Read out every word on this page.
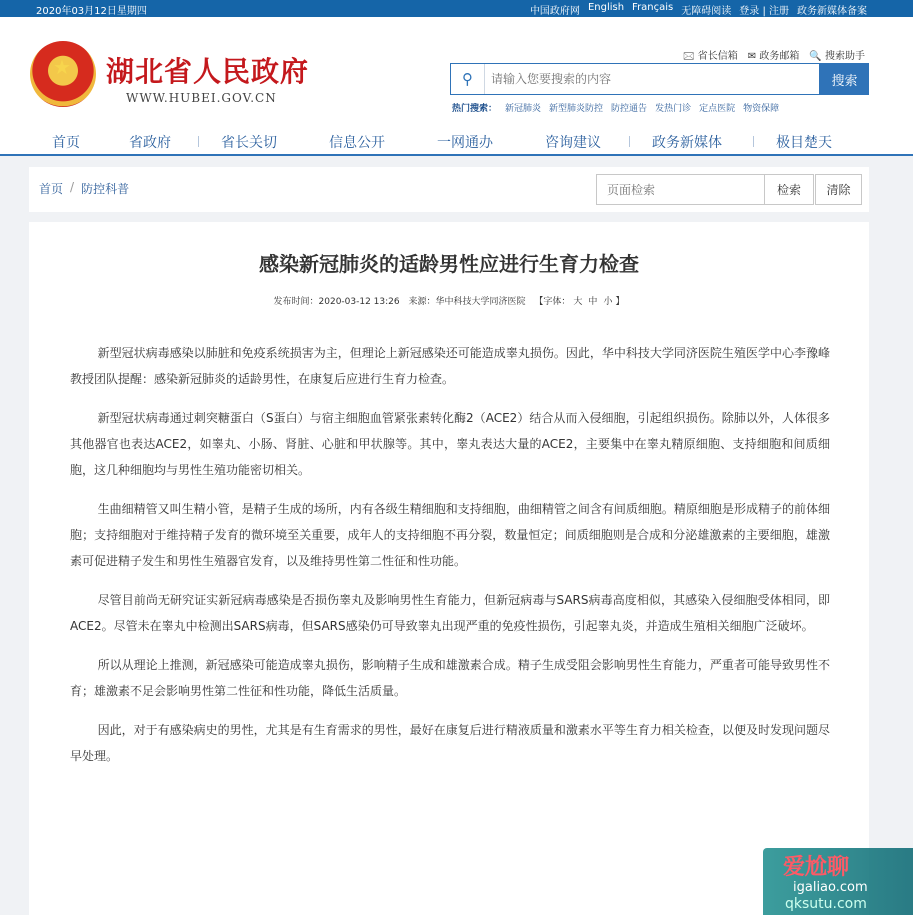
2020年03月12日星期四	中国政府网 English Français 无障碍阅读 登录 | 注册 政务新媒体备案
★ 湖北省人民政府
WWW.HUBEI.GOV.CN
🖂 省长信箱 ✉ 政务邮箱 🔍 搜索助手
⚲
请输入您要搜索的内容	搜索
热门搜索： 新冠肺炎 新型肺炎防控 防控通告 发热门诊 定点医院 物资保障
首页	省政府	省长关切	信息公开	一网通办	咨询建议	政务新媒体	极目楚天
首页 / 防控科普
页面检索	检索	清除
感染新冠肺炎的适龄男性应进行生育力检查
发布时间：2020-03-12 13:26 来源：华中科技大学同济医院 【字体： 大 中 小 】

新型冠状病毒感染以肺脏和免疫系统损害为主，但理论上新冠感染还可能造成睾丸损伤。因此，华中科技大学同济医院生殖医学中心李豫峰教授团队提醒：感染新冠肺炎的适龄男性，在康复后应进行生育力检查。

新型冠状病毒通过刺突糖蛋白（S蛋白）与宿主细胞血管紧张素转化酶2（ACE2）结合从而入侵细胞，引起组织损伤。除肺以外，人体很多其他器官也表达ACE2，如睾丸、小肠、肾脏、心脏和甲状腺等。其中，睾丸表达大量的ACE2，主要集中在睾丸精原细胞、支持细胞和间质细胞，这几种细胞均与男性生殖功能密切相关。

生曲细精管又叫生精小管，是精子生成的场所，内有各级生精细胞和支持细胞，曲细精管之间含有间质细胞。精原细胞是形成精子的前体细胞；支持细胞对于维持精子发育的微环境至关重要，成年人的支持细胞不再分裂，数量恒定；间质细胞则是合成和分泌雄激素的主要细胞，雄激素可促进精子发生和男性生殖器官发育，以及维持男性第二性征和性功能。

尽管目前尚无研究证实新冠病毒感染是否损伤睾丸及影响男性生育能力，但新冠病毒与SARS病毒高度相似，其感染入侵细胞受体相同，即ACE2。尽管未在睾丸中检测出SARS病毒，但SARS感染仍可导致睾丸出现严重的免疫性损伤，引起睾丸炎，并造成生殖相关细胞广泛破坏。

所以从理论上推测，新冠感染可能造成睾丸损伤，影响精子生成和雄激素合成。精子生成受阻会影响男性生育能力，严重者可能导致男性不育；雄激素不足会影响男性第二性征和性功能，降低生活质量。

因此，对于有感染病史的男性，尤其是有生育需求的男性，最好在康复后进行精液质量和激素水平等生育力相关检查，以便及时发现问题尽早处理。

爱尬聊
igaliao.com
qksutu.com
